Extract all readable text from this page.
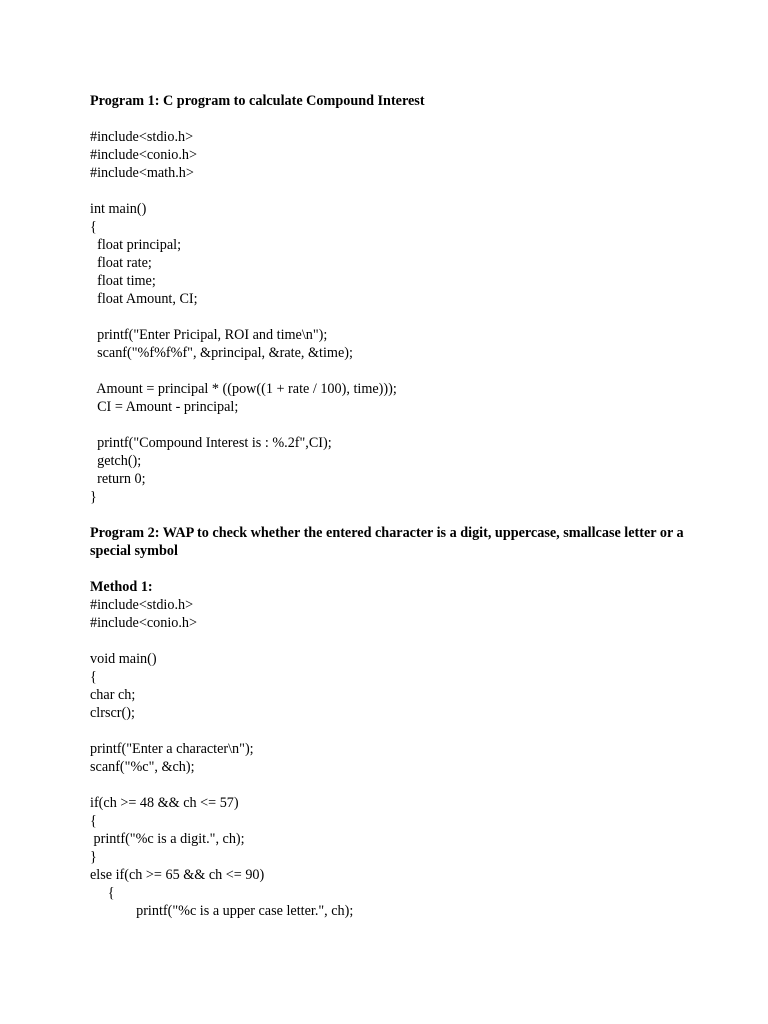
Program 1: C program to calculate Compound Interest
#include<stdio.h>
#include<conio.h>
#include<math.h>
int main()
{
float principal;
float rate;
float time;
float Amount, CI;
printf("Enter Pricipal, ROI and time\n");
scanf("%f%f%f", &principal, &rate, &time);
Amount = principal * ((pow((1 + rate / 100), time)));
CI = Amount - principal;
printf("Compound Interest is : %.2f",CI);
getch();
return 0;
}
Program 2: WAP to check whether the entered character is a digit, uppercase, smallcase letter or a special symbol
Method 1:
#include<stdio.h>
#include<conio.h>
void main()
{
char ch;
clrscr();
printf("Enter a character\n");
scanf("%c", &ch);
if(ch >= 48 && ch <= 57)
{
printf("%c is a digit.", ch);
}
else if(ch >= 65 && ch <= 90)
{
printf("%c is a upper case letter.", ch);
